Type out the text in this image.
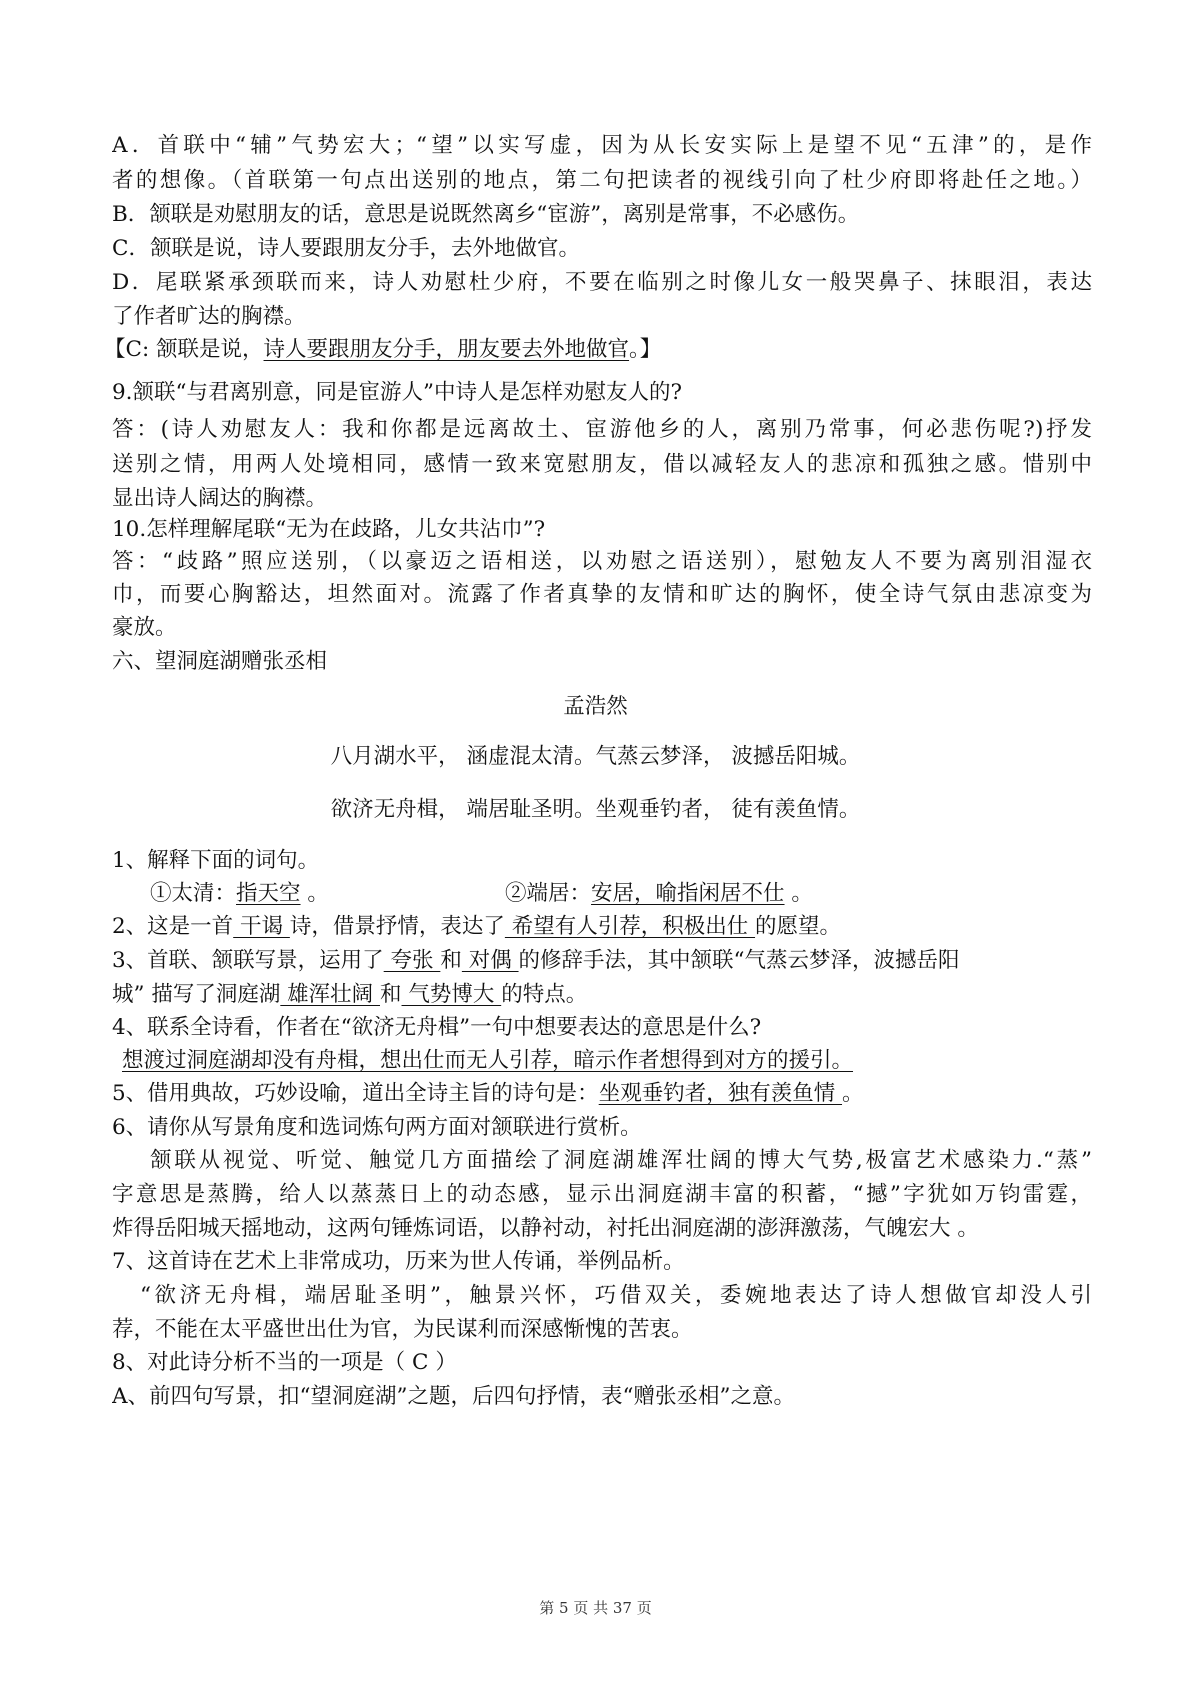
A．首联中“辅”气势宏大；“望”以实写虚，因为从长安实际上是望不见“五津”的，是作
者的想像。（首联第一句点出送别的地点，第二句把读者的视线引向了杜少府即将赴任之地。）
B．颔联是劝慰朋友的话，意思是说既然离乡“宦游”，离别是常事，不必感伤。
C．颔联是说，诗人要跟朋友分手，去外地做官。
D．尾联紧承颈联而来，诗人劝慰杜少府，不要在临别之时像儿女一般哭鼻子、抹眼泪，表达
了作者旷达的胸襟。
【C: 颔联是说，诗人要跟朋友分手，朋友要去外地做官。】
9.颔联“与君离别意，同是宦游人”中诗人是怎样劝慰友人的?
答：(诗人劝慰友人：我和你都是远离故土、宦游他乡的人，离别乃常事，何必悲伤呢?)抒发
送别之情，用两人处境相同，感情一致来宽慰朋友，借以减轻友人的悲凉和孤独之感。惜别中
显出诗人阔达的胸襟。
10.怎样理解尾联“无为在歧路，儿女共沾巾”?
答：“歧路”照应送别，（以豪迈之语相送，以劝慰之语送别），慰勉友人不要为离别泪湿衣
巾，而要心胸豁达，坦然面对。流露了作者真挚的友情和旷达的胸怀，使全诗气氛由悲凉变为
豪放。
六、望洞庭湖赠张丞相
孟浩然
八月湖水平， 涵虚混太清。气蒸云梦泽， 波撼岳阳城。
欲济无舟楫， 端居耻圣明。坐观垂钓者， 徒有羡鱼情。
1、解释下面的词句。
①太清：指天空 。	②端居：安居，喻指闲居不仕 。
2、这是一首 干谒 诗，借景抒情，表达了 希望有人引荐，积极出仕 的愿望。
3、首联、颔联写景，运用了 夸张 和 对偶 的修辞手法，其中颔联“气蒸云梦泽，波撼岳阳
城” 描写了洞庭湖 雄浑壮阔 和 气势博大 的特点。
4、联系全诗看，作者在“欲济无舟楫”一句中想要表达的意思是什么?
想渡过洞庭湖却没有舟楫，想出仕而无人引荐，暗示作者想得到对方的援引。
5、借用典故，巧妙设喻，道出全诗主旨的诗句是：坐观垂钓者，独有羡鱼情 。
6、请你从写景角度和选词炼句两方面对颔联进行赏析。
颔联从视觉、听觉、触觉几方面描绘了洞庭湖雄浑壮阔的博大气势,极富艺术感染力.“蒸”
字意思是蒸腾，给人以蒸蒸日上的动态感，显示出洞庭湖丰富的积蓄，“撼”字犹如万钧雷霆，
炸得岳阳城天摇地动，这两句锤炼词语，以静衬动，衬托出洞庭湖的澎湃激荡，气魄宏大 。
7、这首诗在艺术上非常成功，历来为世人传诵，举例品析。
“欲济无舟楫，端居耻圣明”，触景兴怀，巧借双关，委婉地表达了诗人想做官却没人引
荐，不能在太平盛世出仕为官，为民谋利而深感惭愧的苦衷。
8、对此诗分析不当的一项是（ C ）
A、前四句写景，扣“望洞庭湖”之题，后四句抒情，表“赠张丞相”之意。
第 5 页 共 37 页
